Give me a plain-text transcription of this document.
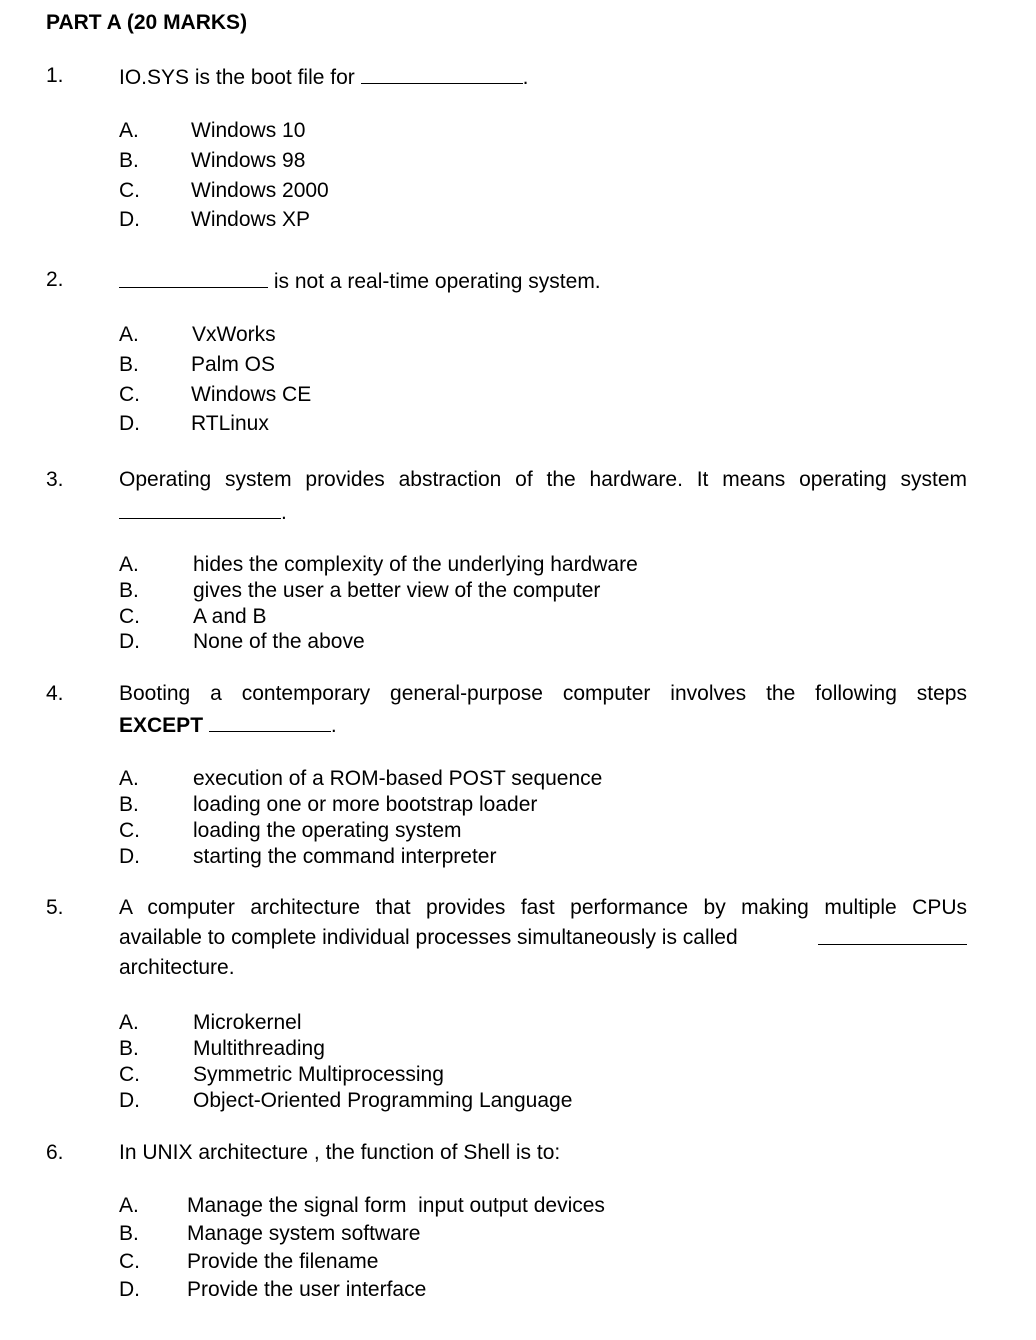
PART A (20 MARKS)
1.	IO.SYS is the boot file for	.
A. Windows 10
B. Windows 98
C. Windows 2000
D. Windows XP
2.	is not a real-time operating system.
A.	VxWorks
B. Palm OS
C. Windows CE
D. RTLinux
3.	Operating system provides abstraction of the hardware. It means operating system
.
A.	hides the complexity of the underlying hardware
B.	gives the user a better view of the computer
C.	A and B
D.	None of the above
4.	Booting a contemporary general-purpose computer involves the following steps
EXCEPT	.
A.	execution of a ROM-based POST sequence
B.	loading one or more bootstrap loader
C.	loading the operating system
D.	starting the command interpreter
5.	A computer architecture that provides fast performance by making multiple CPUs
available to complete individual processes simultaneously is called
architecture.
A.	Microkernel
B.	Multithreading
C.	Symmetric Multiprocessing
D.	Object-Oriented Programming Language
6.	In UNIX architecture , the function of Shell is to:
A. Manage the signal form  input output devices
B. Manage system software
C. Provide the filename
D. Provide the user interface
